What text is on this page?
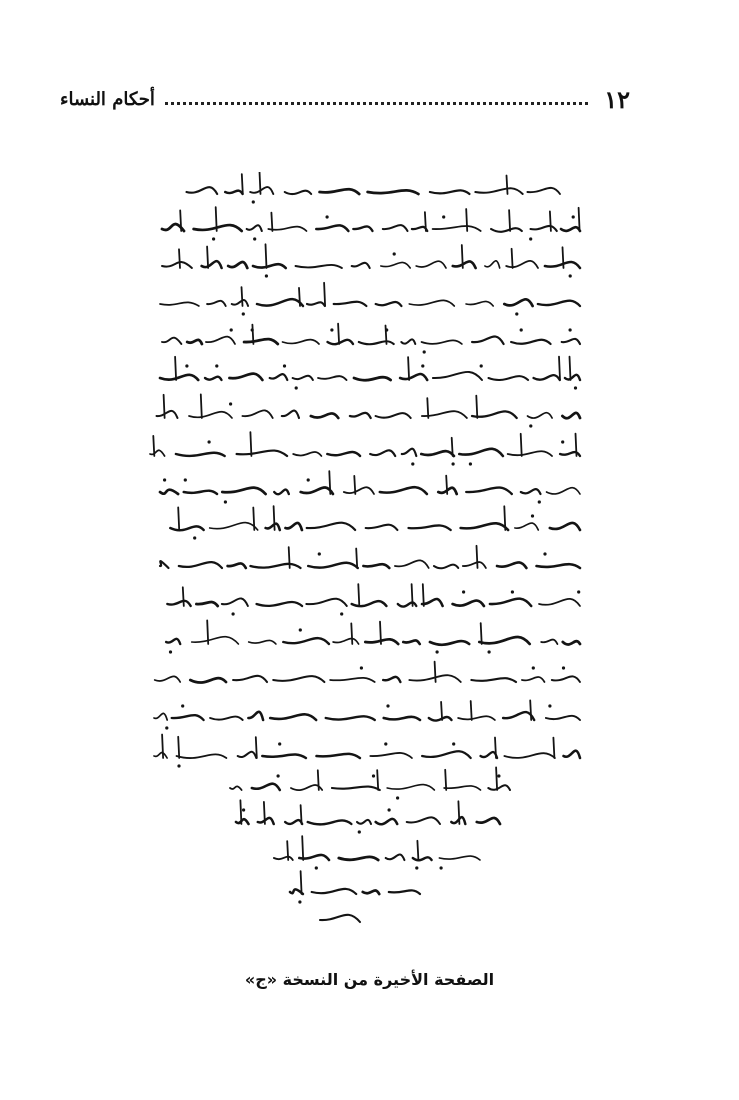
١٢
أحكام النساء
الصفحة الأخيرة من النسخة «ج»
